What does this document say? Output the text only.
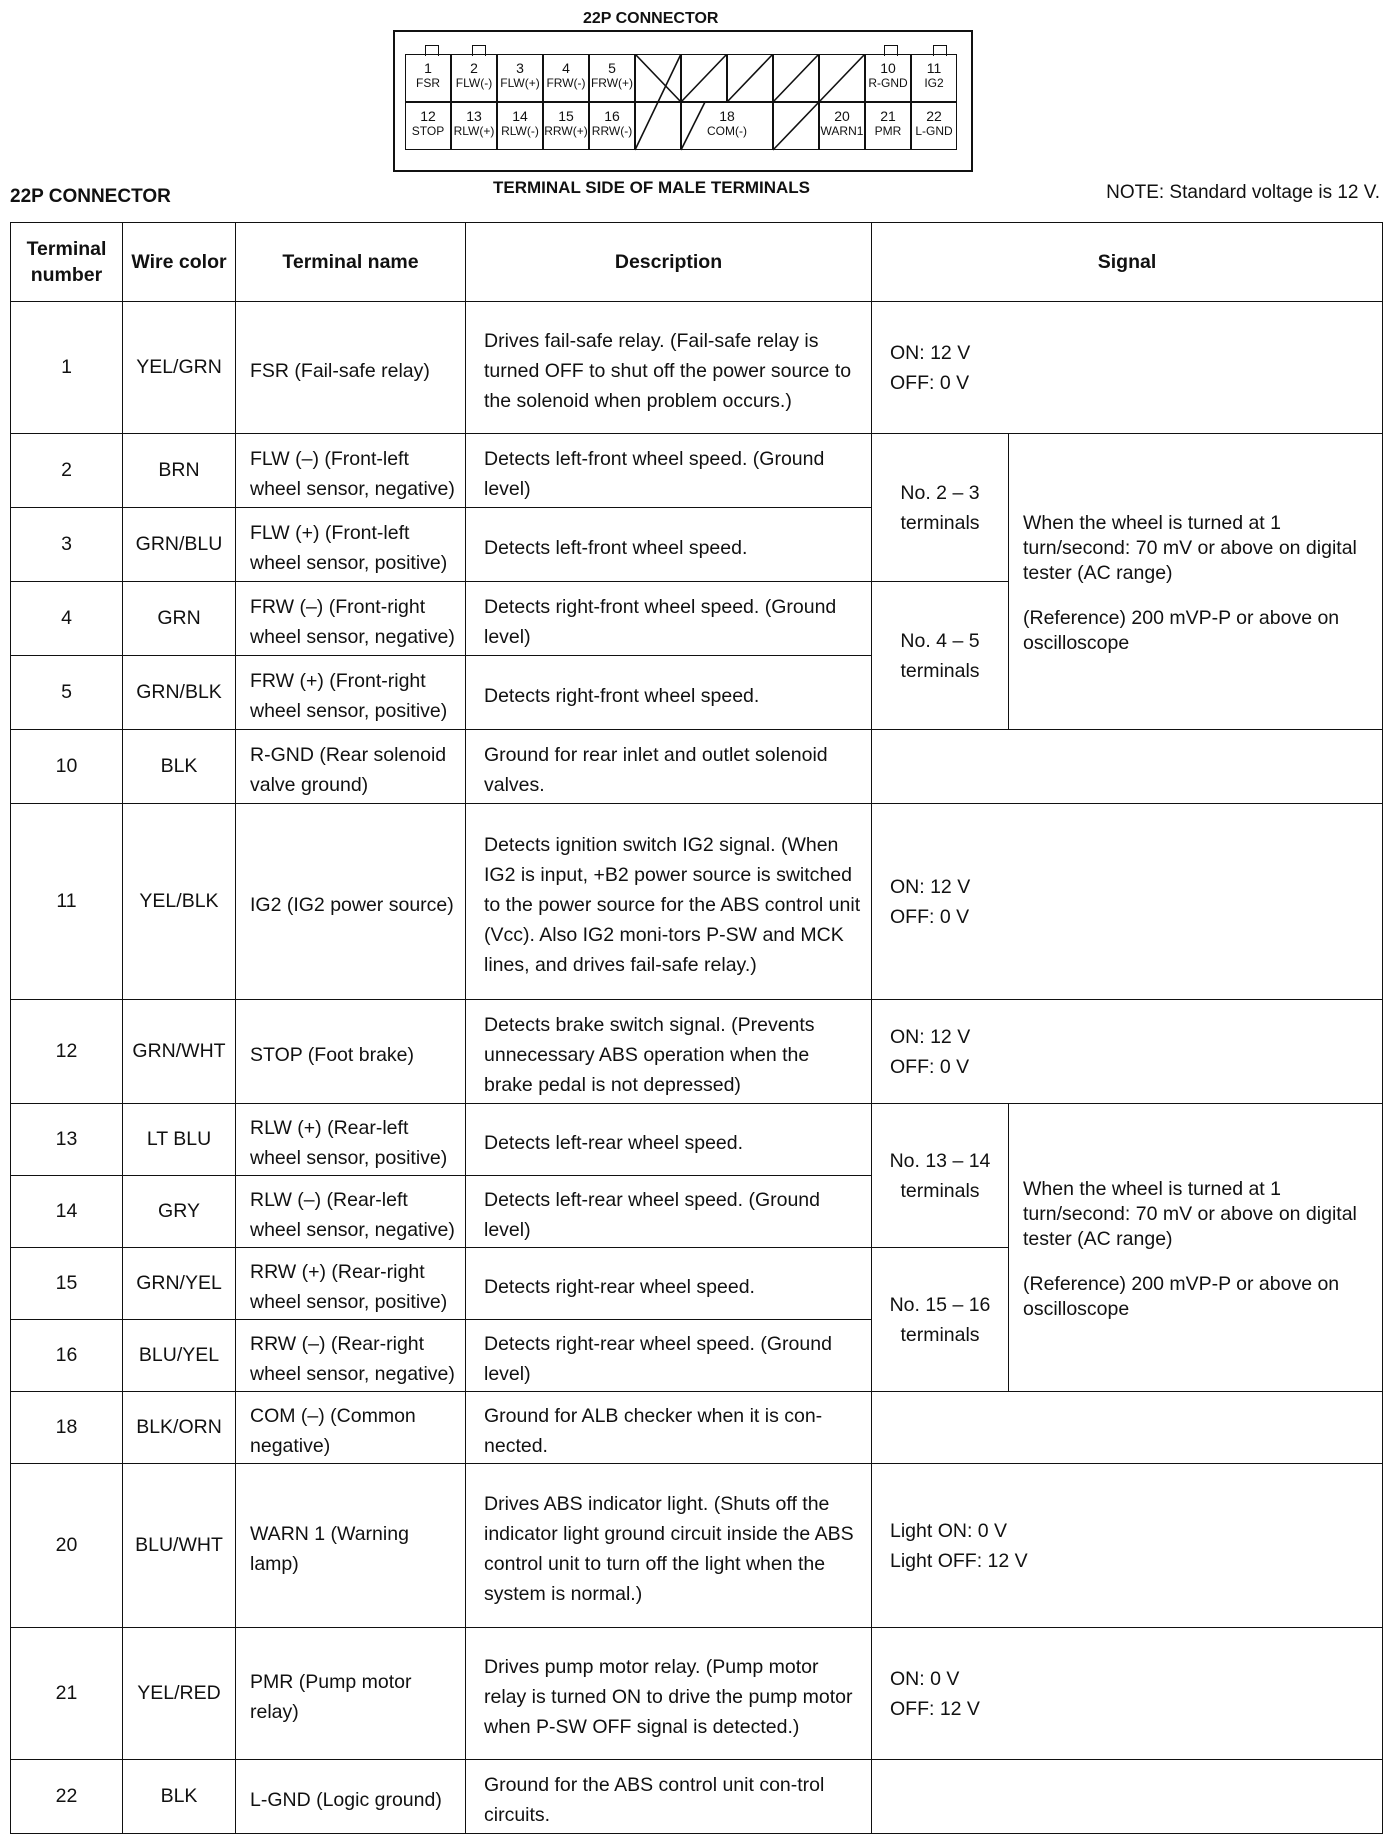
22P CONNECTOR
1
FSR
2
FLW(-)
3
FLW(+)
4
FRW(-)
5
FRW(+)
10
R-GND
11
IG2
12
STOP
13
RLW(+)
14
RLW(-)
15
RRW(+)
16
RRW(-)
18
COM(-)
20
WARN1
21
PMR
22
L-GND
TERMINAL SIDE OF MALE TERMINALS
22P CONNECTOR	NOTE: Standard voltage is 12 V.
Terminal number	Wire color	Terminal name	Description	Signal	
1	YEL/GRN	FSR (Fail-safe relay)	Drives fail-safe relay. (Fail-safe relay is turned OFF to shut off the power source to the solenoid when problem occurs.)	ON: 12 V
OFF: 0 V	

2	BRN	FLW (–) (Front-left wheel sensor, negative)	Detects left-front wheel speed. (Ground level)	No. 2 – 3 terminals	When the wheel is turned at 1 turn/second: 70 mV or above on digital tester (AC range)
(Reference) 200 mVP-P or above on oscilloscope

3	GRN/BLU	FLW (+) (Front-left wheel sensor, positive)	Detects left-front wheel speed.		
4	GRN	FRW (–) (Front-right wheel sensor, negative)	Detects right-front wheel speed. (Ground level)	No. 4 – 5 terminals	
5	GRN/BLK	FRW (+) (Front-right wheel sensor, positive)	Detects right-front wheel speed.		
10	BLK	R-GND (Rear solenoid valve ground)	Ground for rear inlet and outlet solenoid valves.		
11	YEL/BLK	IG2 (IG2 power source)	Detects ignition switch IG2 signal. (When IG2 is input, +B2 power source is switched to the power source for the ABS control unit (Vcc). Also IG2 moni-tors P-SW and MCK lines, and drives fail-safe relay.)	ON: 12 V
OFF: 0 V	

12	GRN/WHT	STOP (Foot brake)	Detects brake switch signal. (Prevents unnecessary ABS operation when the brake pedal is not depressed)	ON: 12 V
OFF: 0 V	

13	LT BLU	RLW (+) (Rear-left wheel sensor, positive)	Detects left-rear wheel speed.	No. 13 – 14 terminals	When the wheel is turned at 1 turn/second: 70 mV or above on digital tester (AC range)
(Reference) 200 mVP-P or above on oscilloscope

14	GRY	RLW (–) (Rear-left wheel sensor, negative)	Detects left-rear wheel speed. (Ground level)		
15	GRN/YEL	RRW (+) (Rear-right wheel sensor, positive)	Detects right-rear wheel speed.	No. 15 – 16 terminals	
16	BLU/YEL	RRW (–) (Rear-right wheel sensor, negative)	Detects right-rear wheel speed. (Ground level)		
18	BLK/ORN	COM (–) (Common negative)	Ground for ALB checker when it is con-nected.		
20	BLU/WHT	WARN 1 (Warning lamp)	Drives ABS indicator light. (Shuts off the indicator light ground circuit inside the ABS control unit to turn off the light when the system is normal.)	Light ON: 0 V
Light OFF: 12 V	

21	YEL/RED	PMR (Pump motor relay)	Drives pump motor relay. (Pump motor relay is turned ON to drive the pump motor when P-SW OFF signal is detected.)	ON: 0 V
OFF: 12 V	

22	BLK	L-GND (Logic ground)	Ground for the ABS control unit con-trol circuits.		
